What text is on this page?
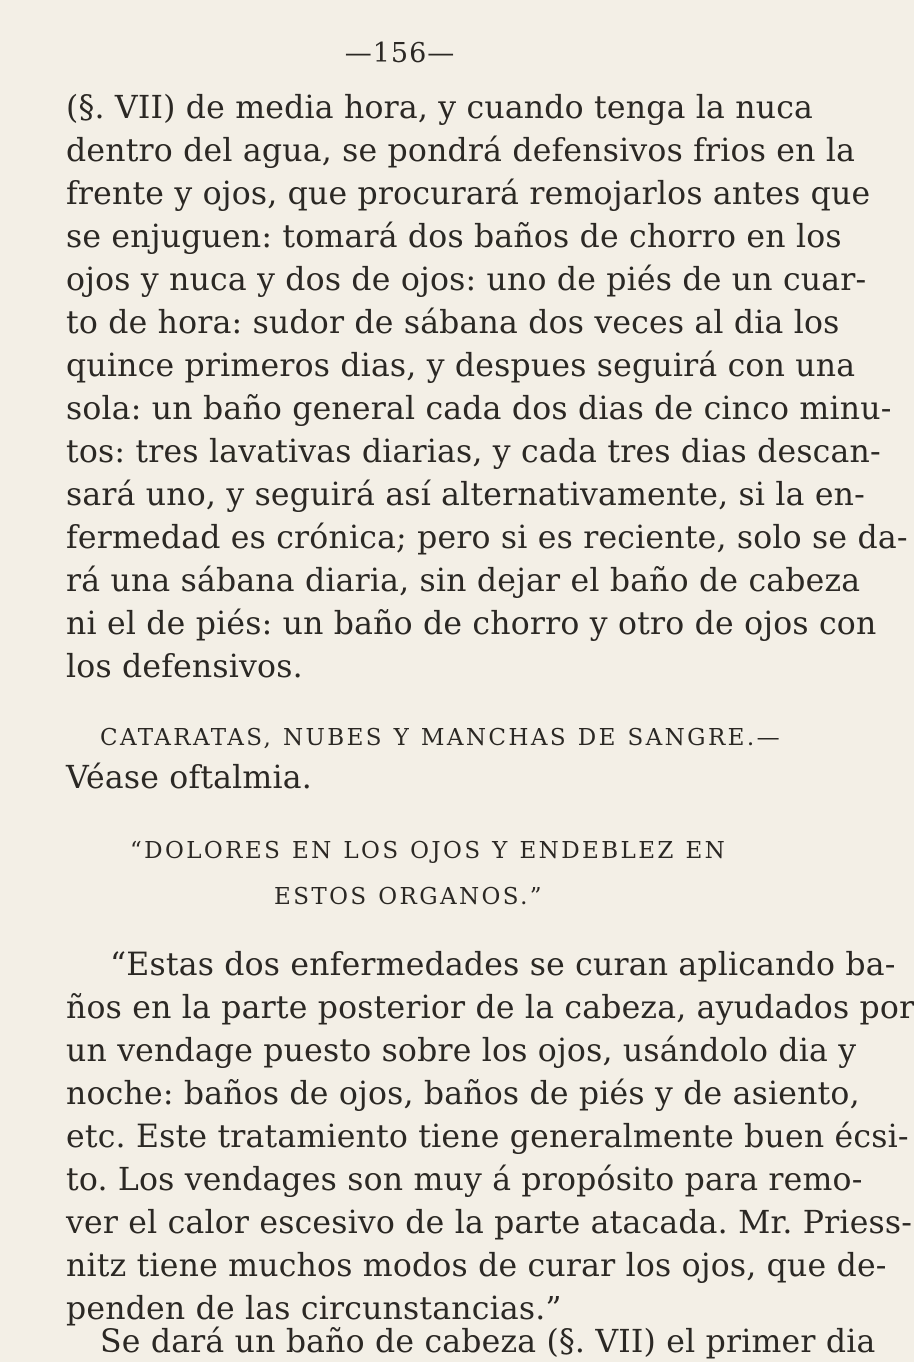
—156—
(§. VII) de media hora, y cuando tenga la nuca
dentro del agua, se pondrá defensivos frios en la
frente y ojos, que procurará remojarlos antes que
se enjuguen: tomará dos baños de chorro en los
ojos y nuca y dos de ojos: uno de piés de un cuar-
to de hora: sudor de sábana dos veces al dia los
quince primeros dias, y despues seguirá con una
sola: un baño general cada dos dias de cinco minu-
tos: tres lavativas diarias, y cada tres dias descan-
sará uno, y seguirá así alternativamente, si la en-
fermedad es crónica; pero si es reciente, solo se da-
rá una sábana diaria, sin dejar el baño de cabeza
ni el de piés: un baño de chorro y otro de ojos con
los defensivos.
CATARATAS, NUBES Y MANCHAS DE SANGRE.—
Véase oftalmia.
“DOLORES EN LOS OJOS Y ENDEBLEZ EN
ESTOS ORGANOS.”
“Estas dos enfermedades se curan aplicando ba-
ños en la parte posterior de la cabeza, ayudados por
un vendage puesto sobre los ojos, usándolo dia y
noche: baños de ojos, baños de piés y de asiento,
etc. Este tratamiento tiene generalmente buen écsi-
to. Los vendages son muy á propósito para remo-
ver el calor escesivo de la parte atacada. Mr. Priess-
nitz tiene muchos modos de curar los ojos, que de-
penden de las circunstancias.”
Se dará un baño de cabeza (§. VII) el primer dia
